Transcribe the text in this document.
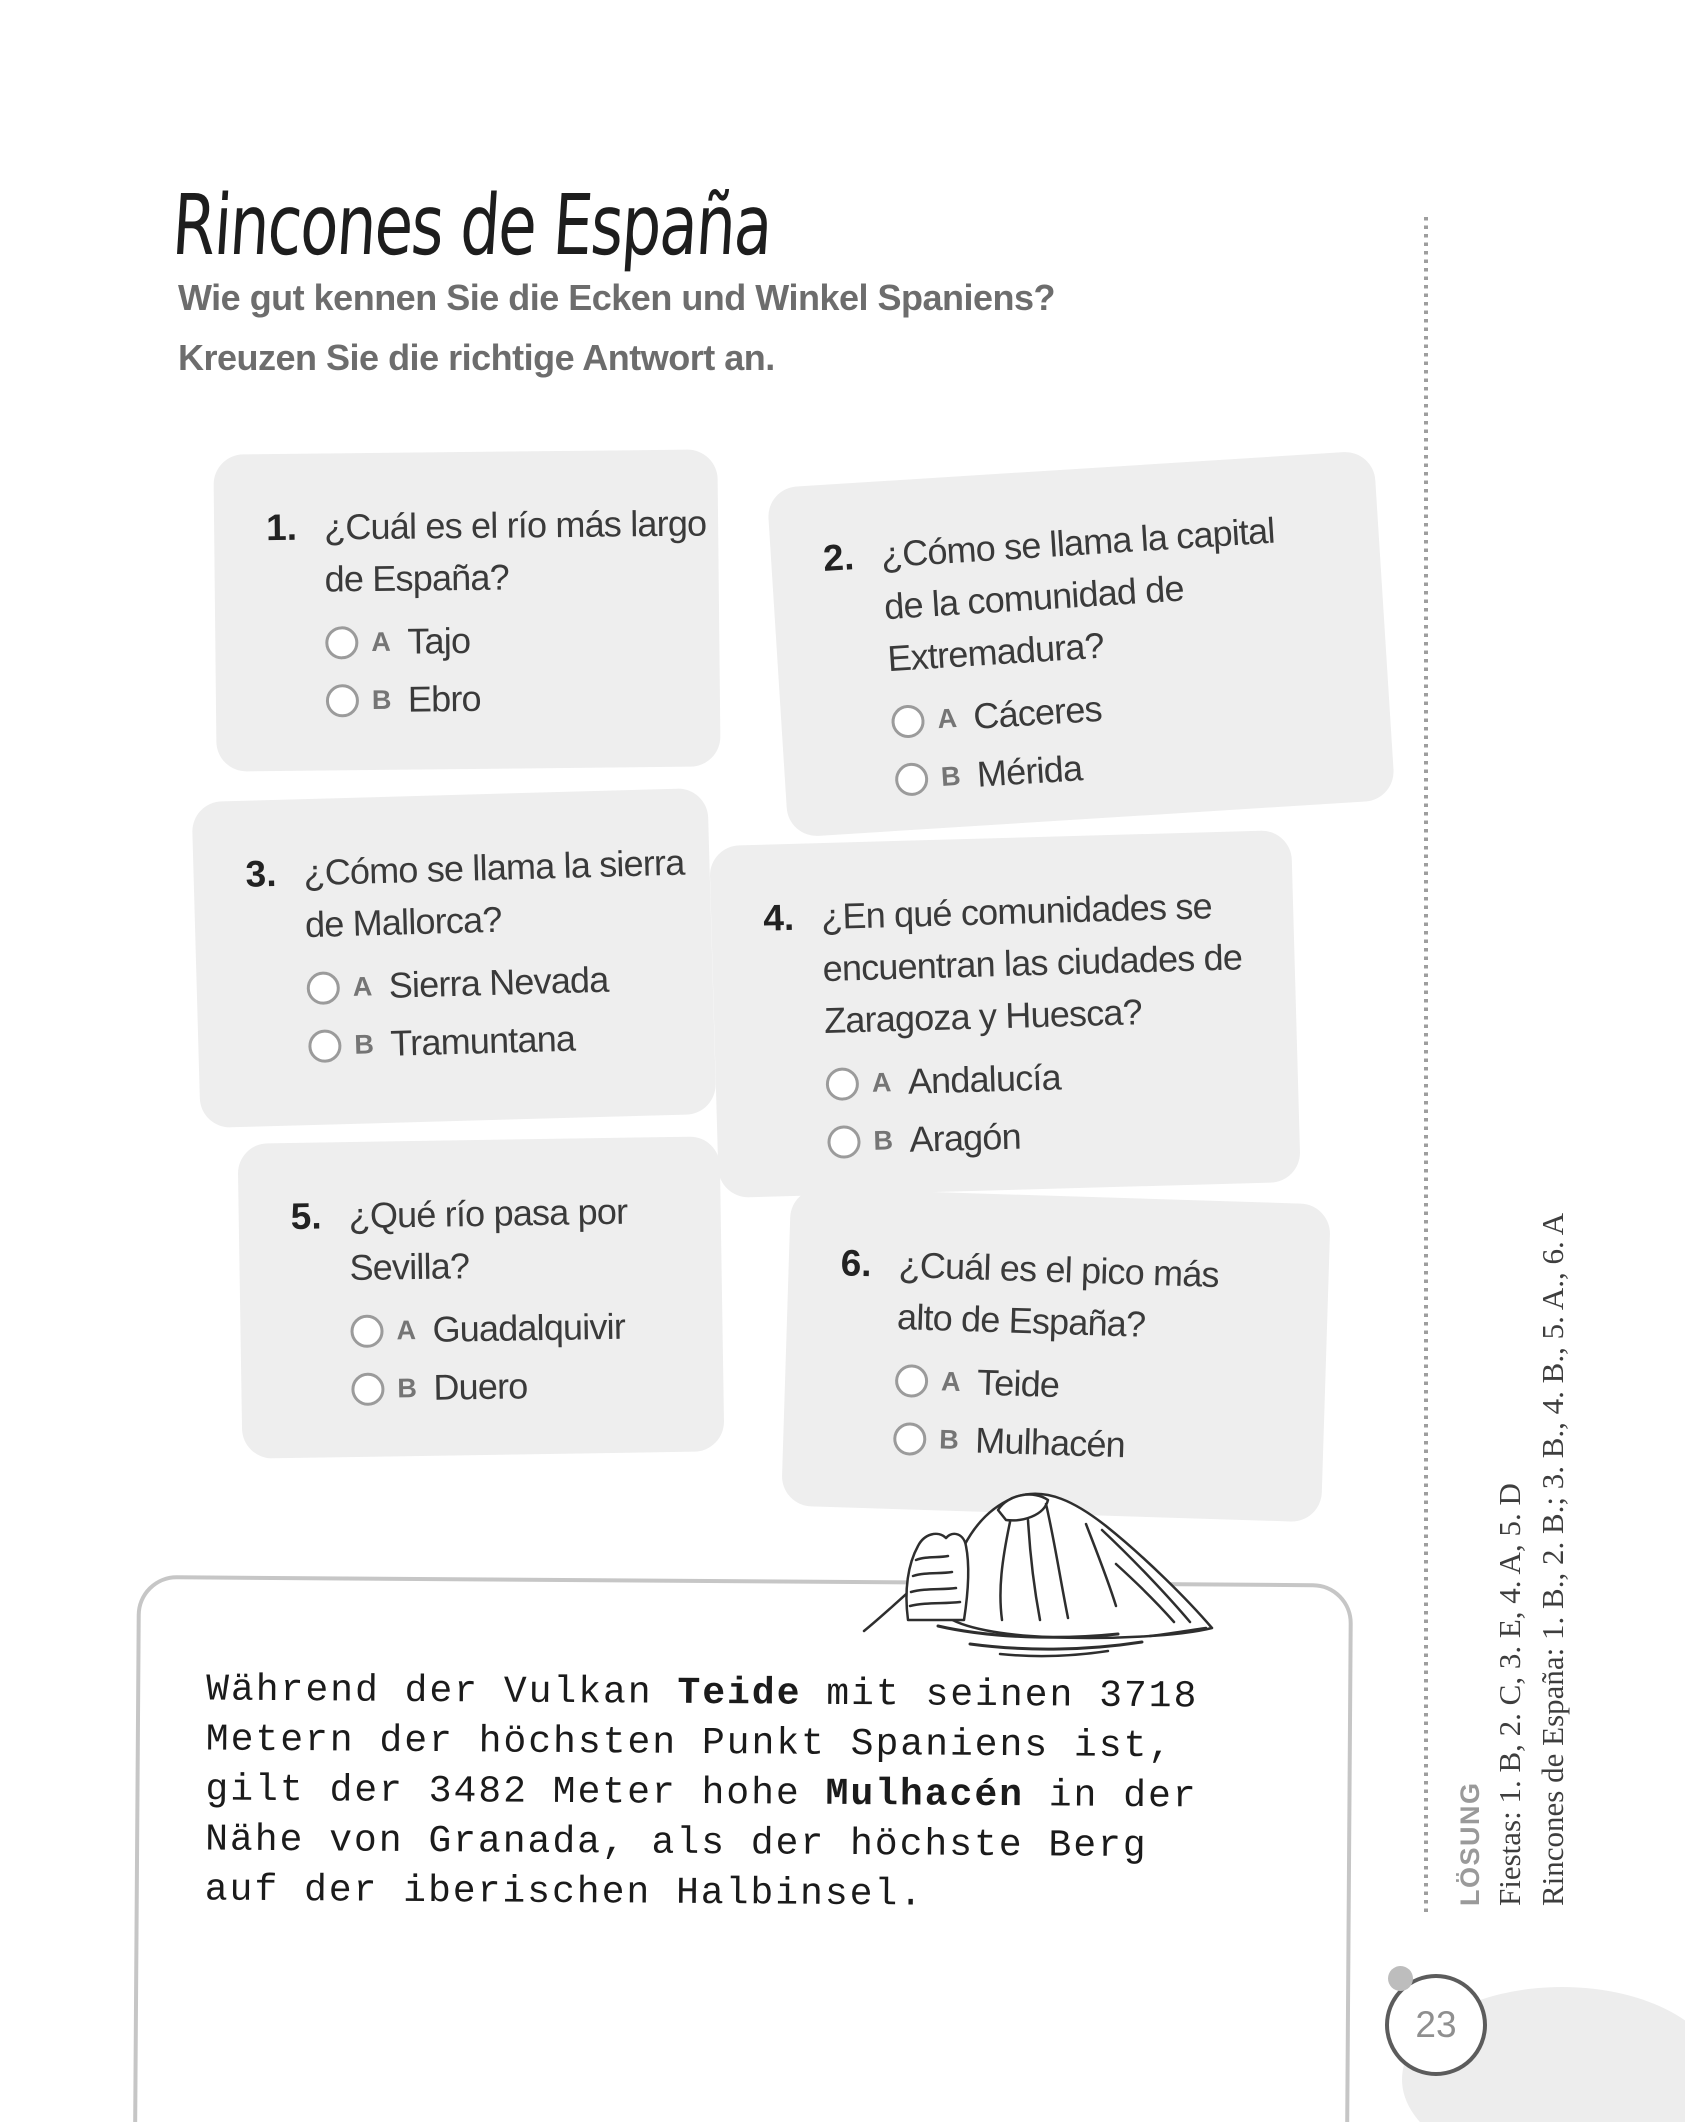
Rincones de España
Wie gut kennen Sie die Ecken und Winkel Spaniens?
Kreuzen Sie die richtige Antwort an.
1. ¿Cuál es el río más largo de España?
A Tajo
B Ebro
2. ¿Cómo se llama la capital de la comunidad de Extremadura?
A Cáceres
B Mérida
3. ¿Cómo se llama la sierra de Mallorca?
A Sierra Nevada
B Tramuntana
4. ¿En qué comunidades se encuentran las ciudades de Zaragoza y Huesca?
A Andalucía
B Aragón
5. ¿Qué río pasa por Sevilla?
A Guadalquivir
B Duero
6. ¿Cuál es el pico más alto de España?
A Teide
B Mulhacén
Während der Vulkan Teide mit seinen 3718
Metern der höchsten Punkt Spaniens ist,
gilt der 3482 Meter hohe Mulhacén in der
Nähe von Granada, als der höchste Berg
auf der iberischen Halbinsel.	LÖSUNG Fiestas: 1. B, 2. C, 3. E, 4. A, 5. D Rincones de España: 1. B., 2. B.; 3. B., 4. B., 5. A., 6. A
23
